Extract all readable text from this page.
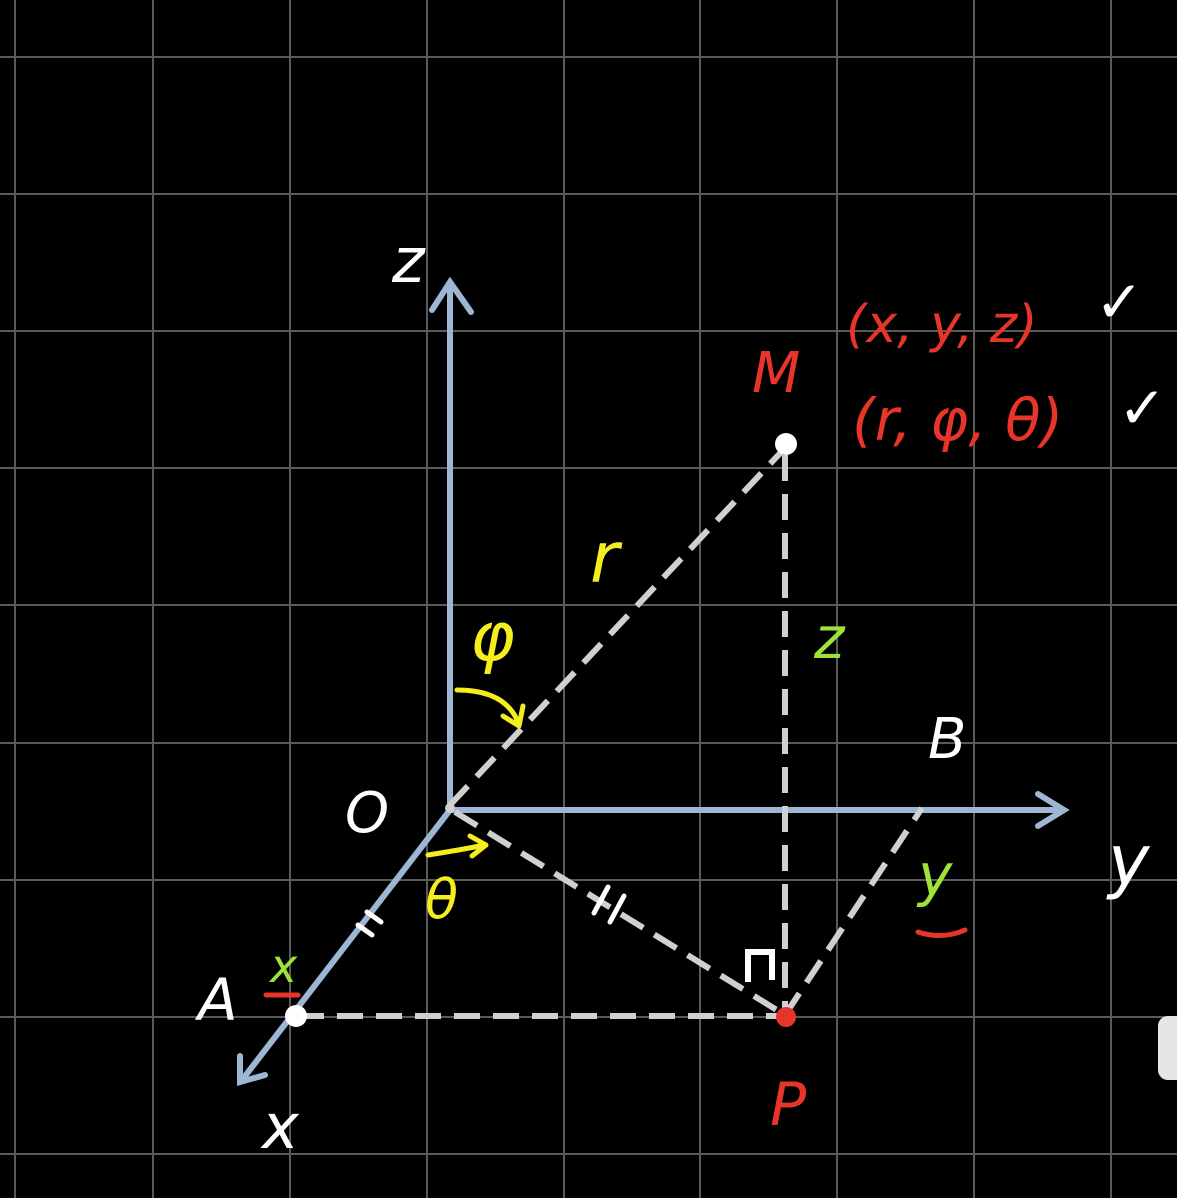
z
y
x
O
M
P
A
B
r
z
x
y
φ
θ
(x, y, z)
(r, φ, θ)
✓
✓
